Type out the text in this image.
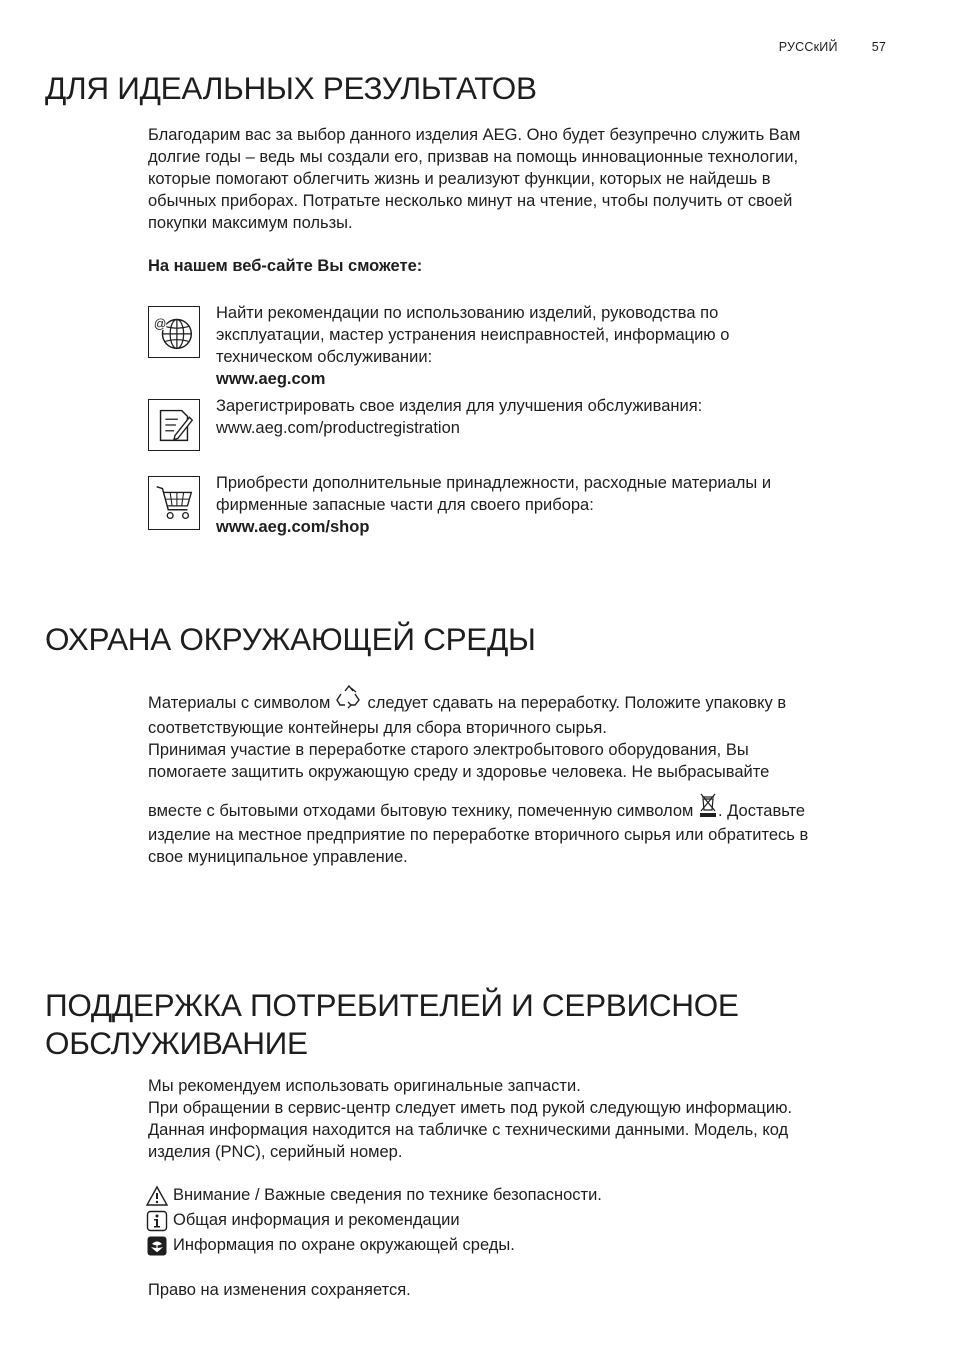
РУССкИЙ	57
ДЛЯ ИДЕАЛЬНЫХ РЕЗУЛЬТАТОВ

Благодарим вас за выбор данного изделия AEG. Оно будет безупречно служить Вам

долгие годы – ведь мы создали его, призвав на помощь инновационные технологии,

которые помогают облегчить жизнь и реализуют функции, которых не найдешь в

обычных приборах. Потратьте несколько минут на чтение, чтобы получить от своей

покупки максимум пользы.

На нашем веб-сайте Вы сможете:
@
Найти рекомендации по использованию изделий, руководства по
эксплуатации, мастер устранения неисправностей, информацию о
техническом обслуживании:
www.aeg.com
Зарегистрировать свое изделия для улучшения обслуживания:
www.aeg.com/productregistration
Приобрести дополнительные принадлежности, расходные материалы и
фирменные запасные части для своего прибора:
www.aeg.com/shop
ОХРАНА ОКРУЖАЮЩЕЙ СРЕДЫ

Материалы с символом следует сдавать на переработку. Положите упаковку в

соответствующие контейнеры для сбора вторичного сырья.

Принимая участие в переработке старого электробытового оборудования, Вы

помогаете защитить окружающую среду и здоровье человека. Не выбрасывайте

вместе с бытовыми отходами бытовую технику, помеченную символом . Доставьте

изделие на местное предприятие по переработке вторичного сырья или обратитесь в

свое муниципальное управление.

ПОДДЕРЖКА ПОТРЕБИТЕЛЕЙ И СЕРВИСНОЕ
ОБСЛУЖИВАНИЕ

Мы рекомендуем использовать оригинальные запчасти.

При обращении в сервис-центр следует иметь под рукой следующую информацию.

Данная информация находится на табличке с техническими данными. Модель, код

изделия (PNC), серийный номер.

Внимание / Важные сведения по технике безопасности.
Общая информация и рекомендации
Информация по охране окружающей среды.
Право на изменения сохраняется.
